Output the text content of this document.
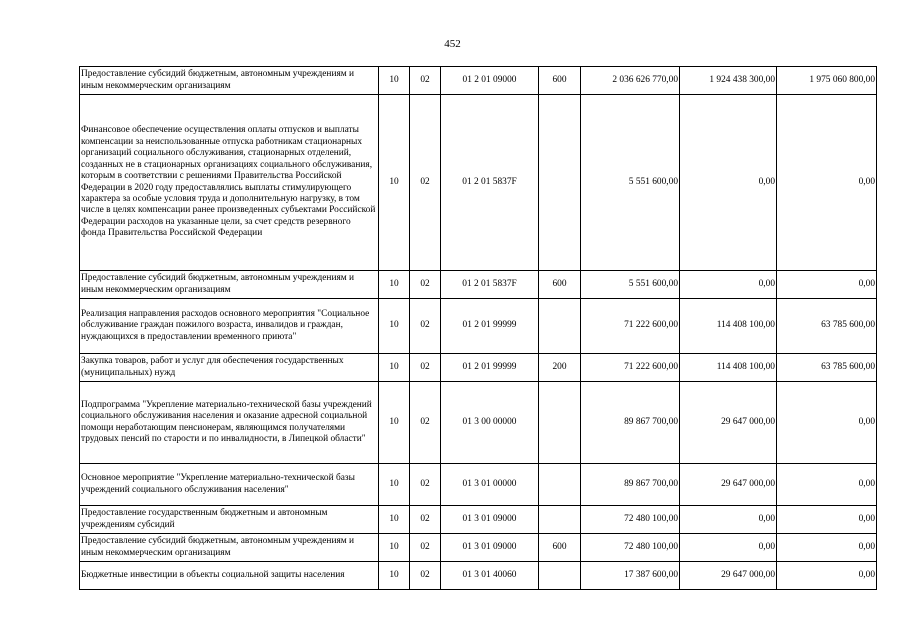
452
Предоставление субсидий бюджетным, автономным учреждениям и иным некоммерческим организациям	10	02	01 2 01 09000	600	2 036 626 770,00	1 924 438 300,00	1 975 060 800,00
Финансовое обеспечение осуществления оплаты отпусков и выплаты компенсации за неиспользованные отпуска работникам стационарных организаций социального обслуживания, стационарных отделений, созданных не в стационарных организациях социального обслуживания, которым в соответствии с решениями Правительства Российской Федерации в 2020 году предоставлялись выплаты стимулирующего характера за особые условия труда и дополнительную нагрузку, в том числе в целях компенсации ранее произведенных субъектами Российской Федерации расходов на указанные цели, за счет средств резервного фонда Правительства Российской Федерации	10	02	01 2 01 5837F		5 551 600,00	0,00	0,00
Предоставление субсидий бюджетным, автономным учреждениям и иным некоммерческим организациям	10	02	01 2 01 5837F	600	5 551 600,00	0,00	0,00
Реализация направления расходов основного мероприятия "Социальное обслуживание граждан пожилого возраста, инвалидов и граждан, нуждающихся в предоставлении временного приюта"	10	02	01 2 01 99999		71 222 600,00	114 408 100,00	63 785 600,00
Закупка товаров, работ и услуг для обеспечения государственных (муниципальных) нужд	10	02	01 2 01 99999	200	71 222 600,00	114 408 100,00	63 785 600,00
Подпрограмма "Укрепление материально-технической базы учреждений социального обслуживания населения и оказание адресной социальной помощи неработающим пенсионерам, являющимся получателями трудовых пенсий по старости и по инвалидности, в Липецкой области"	10	02	01 3 00 00000		89 867 700,00	29 647 000,00	0,00
Основное мероприятие "Укрепление материально-технической базы учреждений социального обслуживания населения"	10	02	01 3 01 00000		89 867 700,00	29 647 000,00	0,00
Предоставление государственным бюджетным и автономным учреждениям субсидий	10	02	01 3 01 09000		72 480 100,00	0,00	0,00
Предоставление субсидий бюджетным, автономным учреждениям и иным некоммерческим организациям	10	02	01 3 01 09000	600	72 480 100,00	0,00	0,00
Бюджетные инвестиции в объекты социальной защиты населения	10	02	01 3 01 40060		17 387 600,00	29 647 000,00	0,00
